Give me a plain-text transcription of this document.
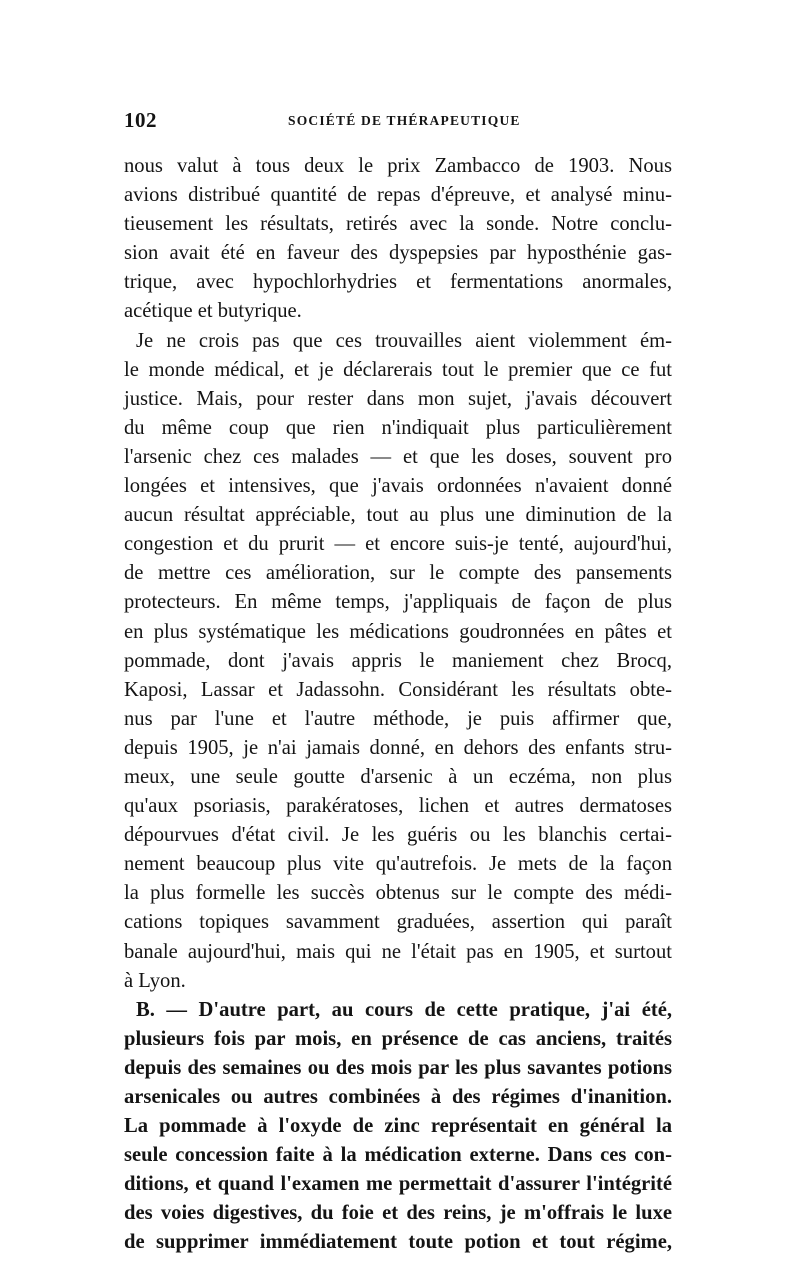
102	SOCIÉTÉ DE THÉRAPEUTIQUE
nous valut à tous deux le prix Zambacco de 1903. Nous
avions distribué quantité de repas d'épreuve, et analysé minu-
tieusement les résultats, retirés avec la sonde. Notre conclu-
sion avait été en faveur des dyspepsies par hyposthénie gas-
trique, avec hypochlorhydries et fermentations anormales,
acétique et butyrique.
Je ne crois pas que ces trouvailles aient violemment ém-
le monde médical, et je déclarerais tout le premier que ce fut
justice. Mais, pour rester dans mon sujet, j'avais découvert
du même coup que rien n'indiquait plus particulièrement
l'arsenic chez ces malades — et que les doses, souvent pro
longées et intensives, que j'avais ordonnées n'avaient donné
aucun résultat appréciable, tout au plus une diminution de la
congestion et du prurit — et encore suis-je tenté, aujourd'hui,
de mettre ces amélioration, sur le compte des pansements
protecteurs. En même temps, j'appliquais de façon de plus
en plus systématique les médications goudronnées en pâtes et
pommade, dont j'avais appris le maniement chez Brocq,
Kaposi, Lassar et Jadassohn. Considérant les résultats obte-
nus par l'une et l'autre méthode, je puis affirmer que,
depuis 1905, je n'ai jamais donné, en dehors des enfants stru-
meux, une seule goutte d'arsenic à un eczéma, non plus
qu'aux psoriasis, parakératoses, lichen et autres dermatoses
dépourvues d'état civil. Je les guéris ou les blanchis certai-
nement beaucoup plus vite qu'autrefois. Je mets de la façon
la plus formelle les succès obtenus sur le compte des médi-
cations topiques savamment graduées, assertion qui paraît
banale aujourd'hui, mais qui ne l'était pas en 1905, et surtout
à Lyon.
B. — D'autre part, au cours de cette pratique, j'ai été,
plusieurs fois par mois, en présence de cas anciens, traités
depuis des semaines ou des mois par les plus savantes potions
arsenicales ou autres combinées à des régimes d'inanition.
La pommade à l'oxyde de zinc représentait en général la
seule concession faite à la médication externe. Dans ces con-
ditions, et quand l'examen me permettait d'assurer l'intégrité
des voies digestives, du foie et des reins, je m'offrais le luxe
de supprimer immédiatement toute potion et tout régime,
